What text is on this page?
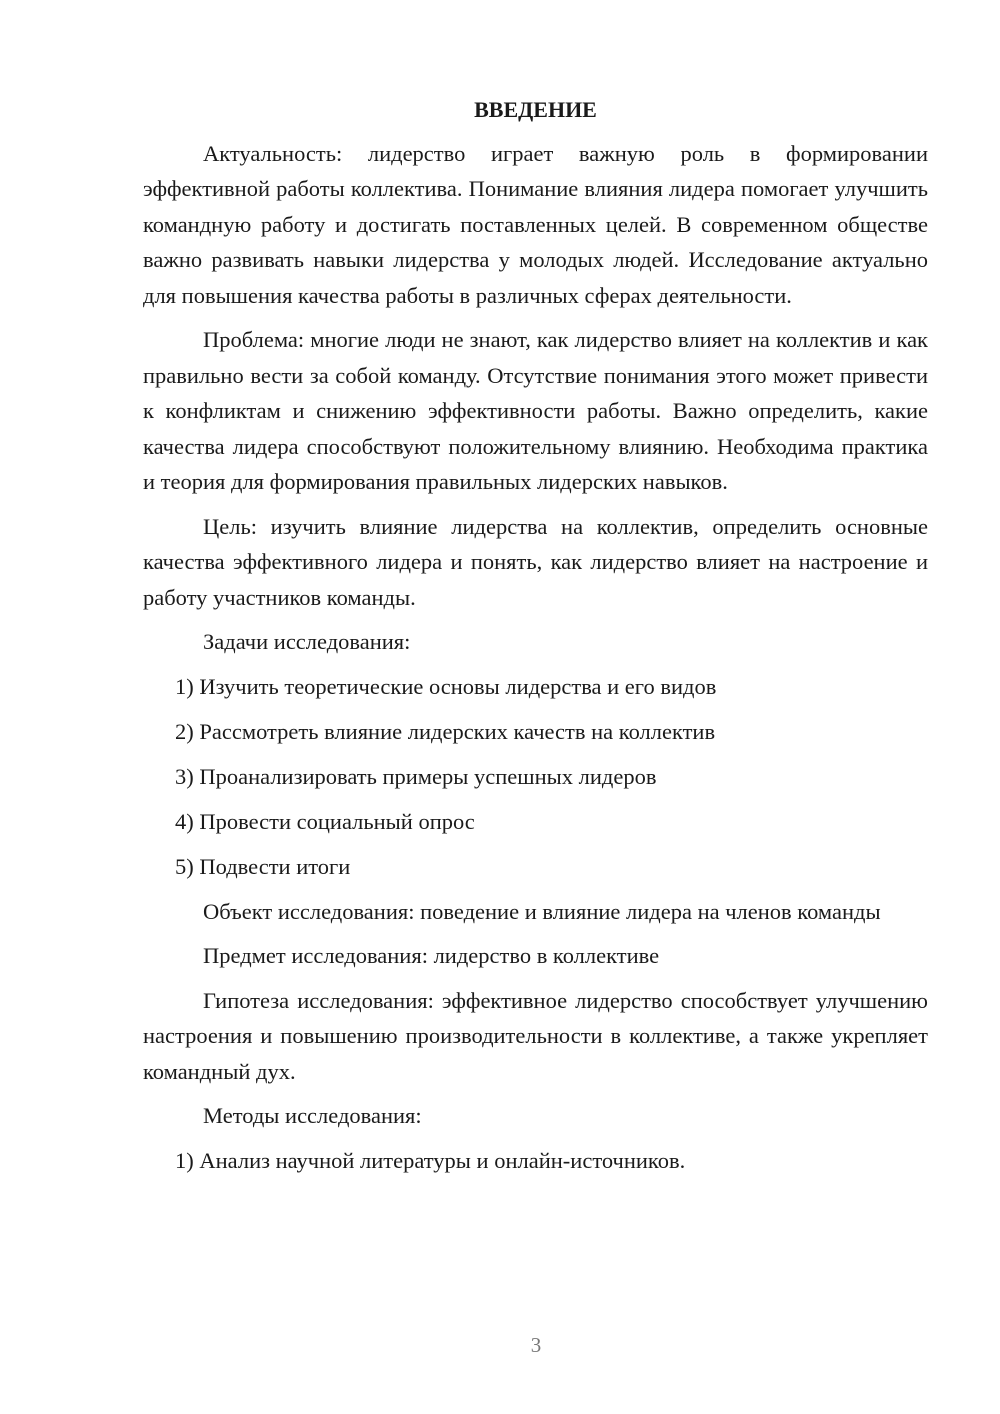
ВВЕДЕНИЕ

Актуальность: лидерство играет важную роль в формировании эффективной работы коллектива. Понимание влияния лидера помогает улучшить командную работу и достигать поставленных целей. В современном обществе важно развивать навыки лидерства у молодых людей. Исследование актуально для повышения качества работы в различных сферах деятельности.

Проблема: многие люди не знают, как лидерство влияет на коллектив и как правильно вести за собой команду. Отсутствие понимания этого может привести к конфликтам и снижению эффективности работы. Важно определить, какие качества лидера способствуют положительному влиянию. Необходима практика и теория для формирования правильных лидерских навыков.

Цель: изучить влияние лидерства на коллектив, определить основные качества эффективного лидера и понять, как лидерство влияет на настроение и работу участников команды.

Задачи исследования:

1) Изучить теоретические основы лидерства и его видов

2) Рассмотреть влияние лидерских качеств на коллектив

3) Проанализировать примеры успешных лидеров

4) Провести социальный опрос

5) Подвести итоги

Объект исследования: поведение и влияние лидера на членов команды

Предмет исследования: лидерство в коллективе

Гипотеза исследования: эффективное лидерство способствует улучшению настроения и повышению производительности в коллективе, а также укрепляет командный дух.

Методы исследования:

1) Анализ научной литературы и онлайн-источников.

3
